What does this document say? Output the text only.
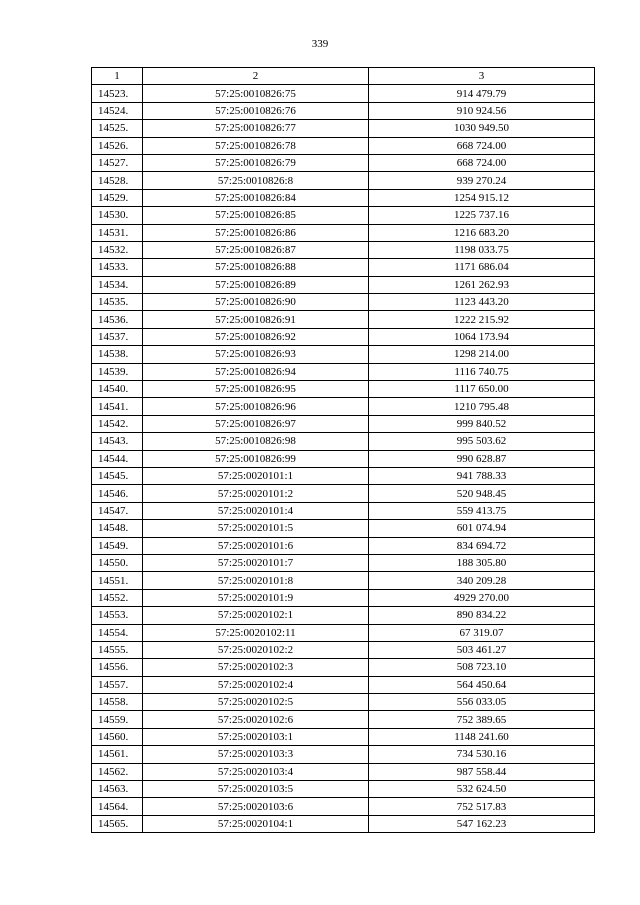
339
1	2	3
14523.	57:25:0010826:75	914 479.79
14524.	57:25:0010826:76	910 924.56
14525.	57:25:0010826:77	1030 949.50
14526.	57:25:0010826:78	668 724.00
14527.	57:25:0010826:79	668 724.00
14528.	57:25:0010826:8	939 270.24
14529.	57:25:0010826:84	1254 915.12
14530.	57:25:0010826:85	1225 737.16
14531.	57:25:0010826:86	1216 683.20
14532.	57:25:0010826:87	1198 033.75
14533.	57:25:0010826:88	1171 686.04
14534.	57:25:0010826:89	1261 262.93
14535.	57:25:0010826:90	1123 443.20
14536.	57:25:0010826:91	1222 215.92
14537.	57:25:0010826:92	1064 173.94
14538.	57:25:0010826:93	1298 214.00
14539.	57:25:0010826:94	1116 740.75
14540.	57:25:0010826:95	1117 650.00
14541.	57:25:0010826:96	1210 795.48
14542.	57:25:0010826:97	999 840.52
14543.	57:25:0010826:98	995 503.62
14544.	57:25:0010826:99	990 628.87
14545.	57:25:0020101:1	941 788.33
14546.	57:25:0020101:2	520 948.45
14547.	57:25:0020101:4	559 413.75
14548.	57:25:0020101:5	601 074.94
14549.	57:25:0020101:6	834 694.72
14550.	57:25:0020101:7	188 305.80
14551.	57:25:0020101:8	340 209.28
14552.	57:25:0020101:9	4929 270.00
14553.	57:25:0020102:1	890 834.22
14554.	57:25:0020102:11	67 319.07
14555.	57:25:0020102:2	503 461.27
14556.	57:25:0020102:3	508 723.10
14557.	57:25:0020102:4	564 450.64
14558.	57:25:0020102:5	556 033.05
14559.	57:25:0020102:6	752 389.65
14560.	57:25:0020103:1	1148 241.60
14561.	57:25:0020103:3	734 530.16
14562.	57:25:0020103:4	987 558.44
14563.	57:25:0020103:5	532 624.50
14564.	57:25:0020103:6	752 517.83
14565.	57:25:0020104:1	547 162.23
